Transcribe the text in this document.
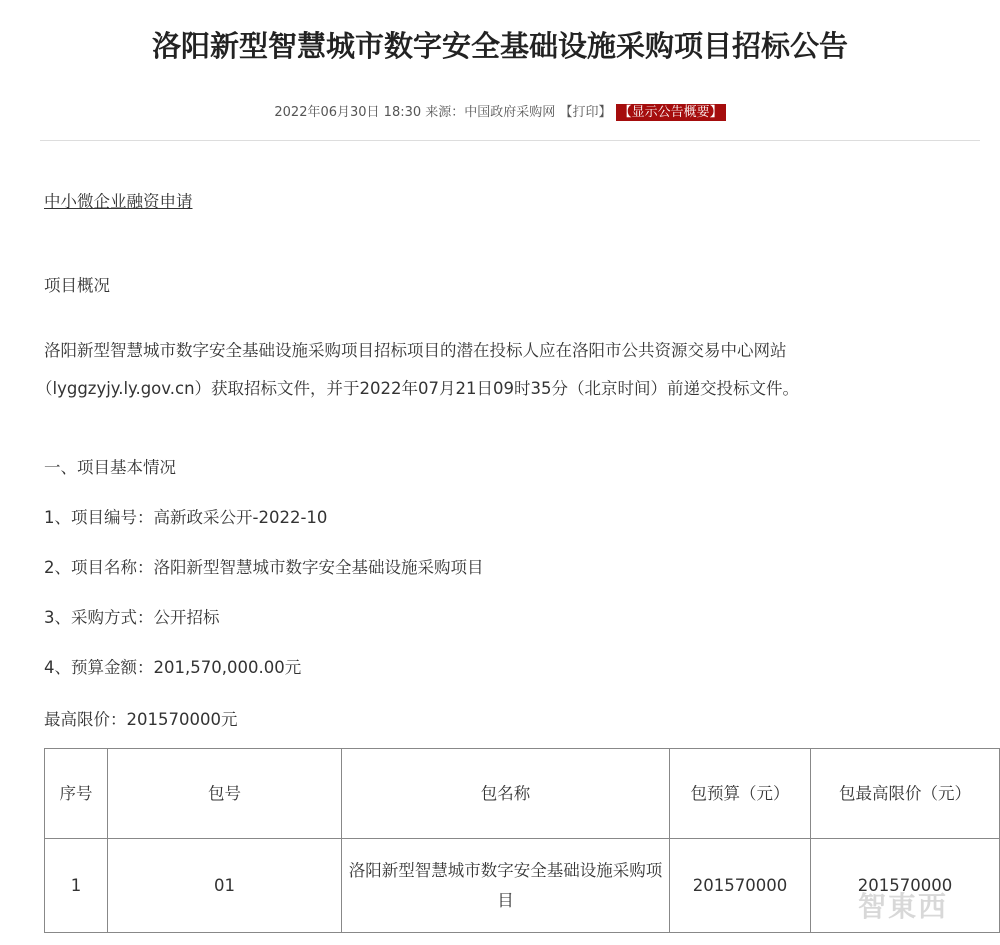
洛阳新型智慧城市数字安全基础设施采购项目招标公告
2022年06月30日 18:30 来源：中国政府采购网 【打印】 【显示公告概要】
中小微企业融资申请
项目概况
洛阳新型智慧城市数字安全基础设施采购项目招标项目的潜在投标人应在洛阳市公共资源交易中心网站
（lyggzyjy.ly.gov.cn）获取招标文件，并于2022年07月21日09时35分（北京时间）前递交投标文件。
一、项目基本情况
1、项目编号：高新政采公开-2022-10
2、项目名称：洛阳新型智慧城市数字安全基础设施采购项目
3、采购方式：公开招标
4、预算金额：201,570,000.00元
最高限价：201570000元
序号	包号	包名称	包预算（元）	包最高限价（元）
1	01	洛阳新型智慧城市数字安全基础设施采购项目	201570000	201570000
智東西
